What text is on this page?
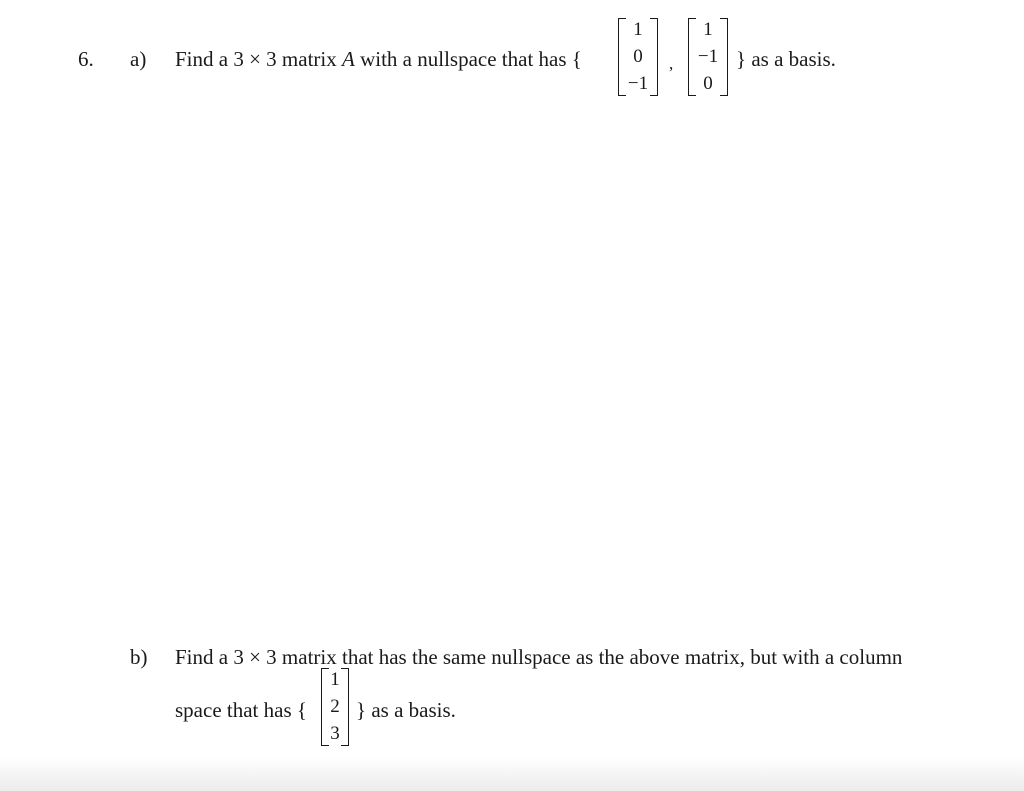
6. a) Find a 3 × 3 matrix A with a nullspace that has {
1
0
−1
,
1
−1
0
} as a basis.
b) Find a 3 × 3 matrix that has the same nullspace as the above matrix, but with a column
space that has {
1
2
3
} as a basis.
